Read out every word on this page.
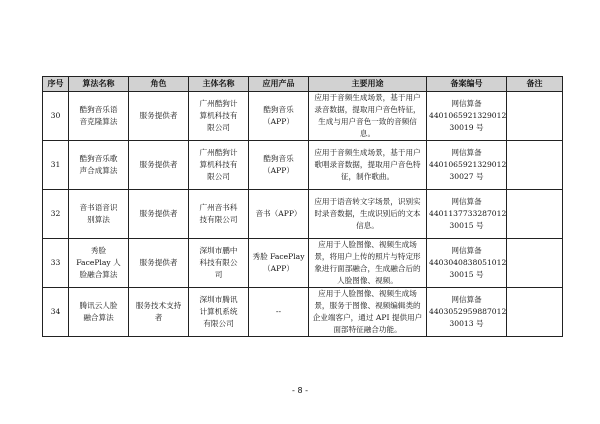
序号	算法名称	角色	主体名称	应用产品	主要用途	备案编号	备注
30	酷狗音乐语
音克隆算法	服务提供者	广州酷狗计
算机科技有
限公司	酷狗音乐
（APP）	应用于音频生成场景，基于用户
录音数据，提取用户音色特征，
生成与用户音色一致的音频信
息。	网信算备
4401065921329012
30019 号	

31	酷狗音乐歌
声合成算法	服务提供者	广州酷狗计
算机科技有
限公司	酷狗音乐
（APP）	应用于音频生成场景，基于用户
歌唱录音数据，提取用户音色特
征，制作歌曲。	网信算备
4401065921329012
30027 号	

32	音书语音识
别算法	服务提供者	广州音书科
技有限公司	音书（APP）	应用于语音转文字场景，识别实
时录音数据，生成识别后的文本
信息。	网信算备
4401137733287012
30015 号	

33	秀脸
FacePlay 人
脸融合算法	服务提供者	深圳市鹏中
科技有限公
司	秀脸 FacePlay
（APP）	应用于人脸图像、视频生成场
景，将用户上传的照片与特定形
象进行面部融合，生成融合后的
人脸图像、视频。	网信算备
4403040838051012
30015 号	

34	腾讯云人脸
融合算法	服务技术支持
者	深圳市腾讯
计算机系统
有限公司	--	应用于人脸图像、视频生成场
景，服务于图像、视频编辑类的
企业端客户，通过 API 提供用户
面部特征融合功能。	网信算备
4403052959887012
30013 号	

- 8 -
